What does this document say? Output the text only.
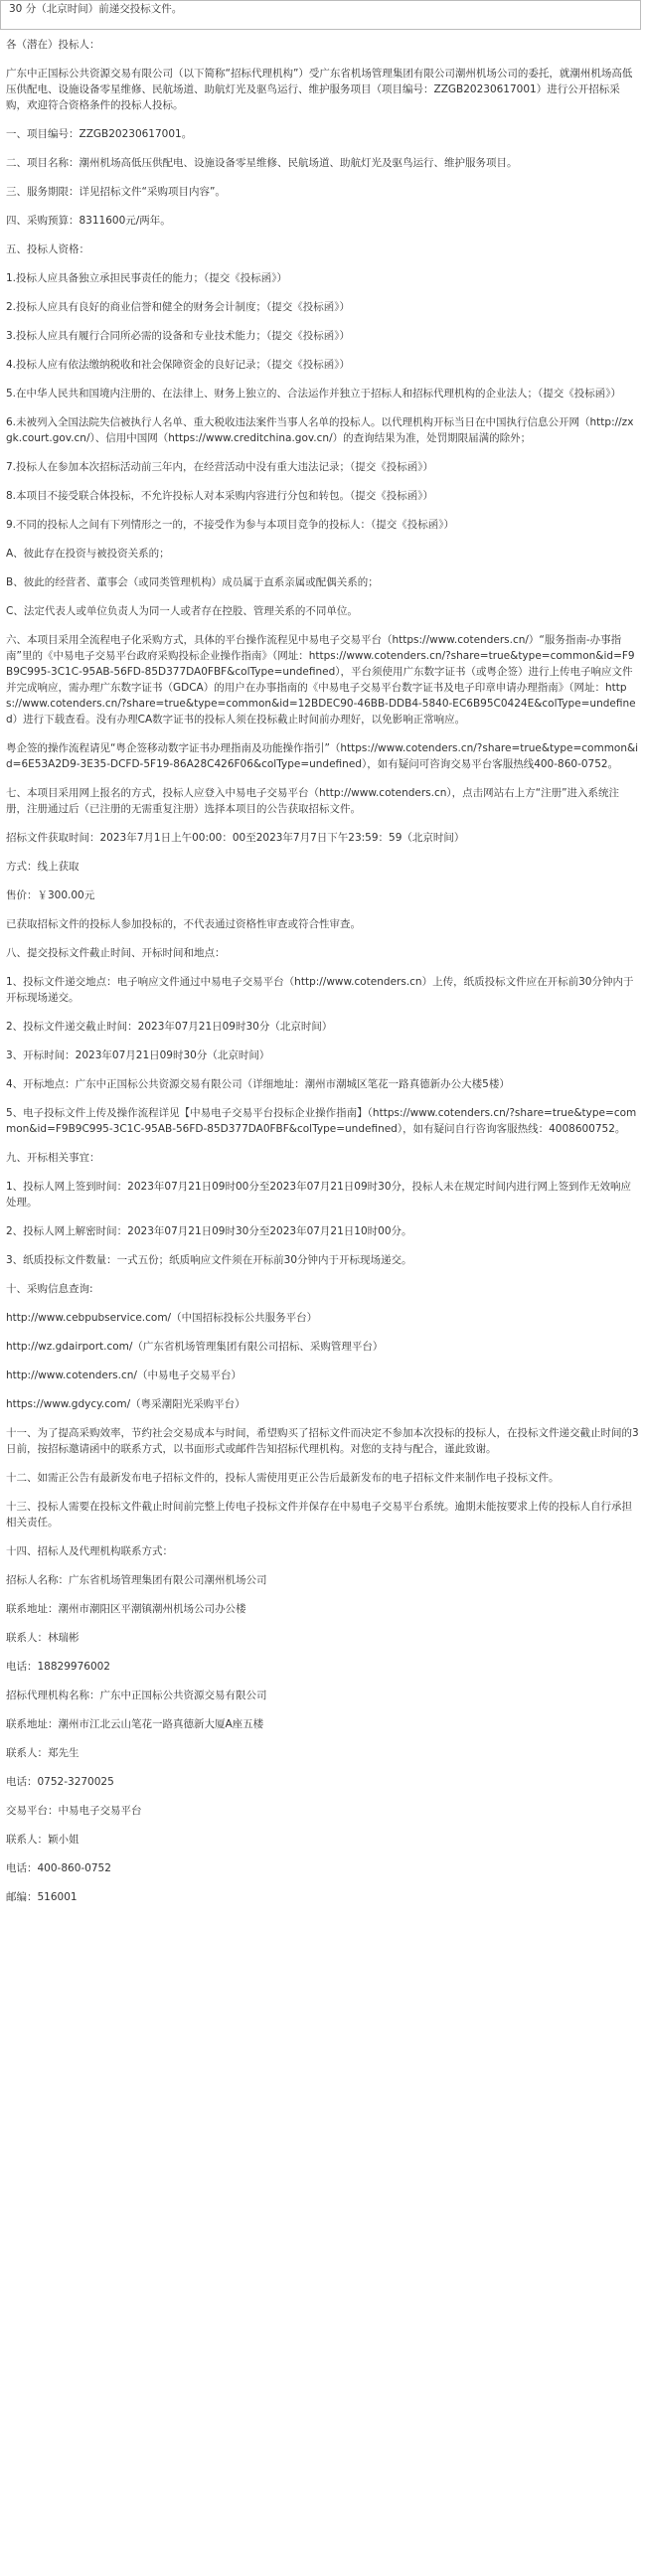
30 分（北京时间）前递交投标文件。

各（潜在）投标人：

广东中正国标公共资源交易有限公司（以下简称“招标代理机构”）受广东省机场管理集团有限公司潮州机场公司的委托，就潮州机场高低压供配电、设施设备零星维修、民航场道、助航灯光及驱鸟运行、维护服务项目（项目编号：ZZGB20230617001）进行公开招标采购，欢迎符合资格条件的投标人投标。

一、项目编号：ZZGB20230617001。

二、项目名称：潮州机场高低压供配电、设施设备零星维修、民航场道、助航灯光及驱鸟运行、维护服务项目。

三、服务期限：详见招标文件“采购项目内容”。

四、采购预算：8311600元/两年。

五、投标人资格：

1.投标人应具备独立承担民事责任的能力；（提交《投标函》）

2.投标人应具有良好的商业信誉和健全的财务会计制度；（提交《投标函》）

3.投标人应具有履行合同所必需的设备和专业技术能力；（提交《投标函》）

4.投标人应有依法缴纳税收和社会保障资金的良好记录；（提交《投标函》）

5.在中华人民共和国境内注册的、在法律上、财务上独立的、合法运作并独立于招标人和招标代理机构的企业法人；（提交《投标函》）

6.未被列入全国法院失信被执行人名单、重大税收违法案件当事人名单的投标人。以代理机构开标当日在中国执行信息公开网（http://zxgk.court.gov.cn/）、信用中国网（https://www.creditchina.gov.cn/）的查询结果为准，处罚期限届满的除外；

7.投标人在参加本次招标活动前三年内，在经营活动中没有重大违法记录；（提交《投标函》）

8.本项目不接受联合体投标，不允许投标人对本采购内容进行分包和转包。（提交《投标函》）

9.不同的投标人之间有下列情形之一的，不接受作为参与本项目竞争的投标人：（提交《投标函》）

A、彼此存在投资与被投资关系的；

B、彼此的经营者、董事会（或同类管理机构）成员属于直系亲属或配偶关系的；

C、法定代表人或单位负责人为同一人或者存在控股、管理关系的不同单位。

六、本项目采用全流程电子化采购方式，具体的平台操作流程见中易电子交易平台（https://www.cotenders.cn/）“服务指南-办事指南”里的《中易电子交易平台政府采购投标企业操作指南》（网址：https://www.cotenders.cn/?share=true&type=common&id=F9B9C995-3C1C-95AB-56FD-85D377DA0FBF&colType=undefined），平台须使用广东数字证书（或粤企签）进行上传电子响应文件并完成响应，需办理广东数字证书（GDCA）的用户在办事指南的《中易电子交易平台数字证书及电子印章申请办理指南》（网址：https://www.cotenders.cn/?share=true&type=common&id=12BDEC90-46BB-DDB4-5840-EC6B95C0424E&colType=undefined）进行下载查看。没有办理CA数字证书的投标人须在投标截止时间前办理好，以免影响正常响应。

粤企签的操作流程请见“粤企签移动数字证书办理指南及功能操作指引”（https://www.cotenders.cn/?share=true&type=common&id=6E53A2D9-3E35-DCFD-5F19-86A28C426F06&colType=undefined），如有疑问可咨询交易平台客服热线400-860-0752。

七、本项目采用网上报名的方式，投标人应登入中易电子交易平台（http://www.cotenders.cn），点击网站右上方“注册”进入系统注册，注册通过后（已注册的无需重复注册）选择本项目的公告获取招标文件。

招标文件获取时间：2023年7月1日上午00:00：00至2023年7月7日下午23:59：59（北京时间）

方式：线上获取

售价：￥300.00元

已获取招标文件的投标人参加投标的，不代表通过资格性审查或符合性审查。

八、提交投标文件截止时间、开标时间和地点：

1、投标文件递交地点：电子响应文件通过中易电子交易平台（http://www.cotenders.cn）上传，纸质投标文件应在开标前30分钟内于开标现场递交。

2、投标文件递交截止时间：2023年07月21日09时30分（北京时间）

3、开标时间：2023年07月21日09时30分（北京时间）

4、开标地点：广东中正国标公共资源交易有限公司（详细地址：潮州市潮城区笔花一路真德新办公大楼5楼）

5、电子投标文件上传及操作流程详见【中易电子交易平台投标企业操作指南】（https://www.cotenders.cn/?share=true&type=common&id=F9B9C995-3C1C-95AB-56FD-85D377DA0FBF&colType=undefined），如有疑问自行咨询客服热线：4008600752。

九、开标相关事宜：

1、投标人网上签到时间：2023年07月21日09时00分至2023年07月21日09时30分，投标人未在规定时间内进行网上签到作无效响应处理。

2、投标人网上解密时间：2023年07月21日09时30分至2023年07月21日10时00分。

3、纸质投标文件数量：一式五份；纸质响应文件须在开标前30分钟内于开标现场递交。

十、采购信息查询:

http://www.cebpubservice.com/（中国招标投标公共服务平台）

http://wz.gdairport.com/（广东省机场管理集团有限公司招标、采购管理平台）

http://www.cotenders.cn/（中易电子交易平台）

https://www.gdycy.com/（粤采潮阳光采购平台）

十一、为了提高采购效率，节约社会交易成本与时间，希望购买了招标文件而决定不参加本次投标的投标人，在投标文件递交截止时间的3日前，按招标邀请函中的联系方式，以书面形式或邮件告知招标代理机构。对您的支持与配合，谨此致谢。

十二、如需正公告有最新发布电子招标文件的，投标人需使用更正公告后最新发布的电子招标文件来制作电子投标文件。

十三、投标人需要在投标文件截止时间前完整上传电子投标文件并保存在中易电子交易平台系统。逾期未能按要求上传的投标人自行承担相关责任。

十四、招标人及代理机构联系方式：

招标人名称：广东省机场管理集团有限公司潮州机场公司

联系地址：潮州市潮阳区平潮镇潮州机场公司办公楼

联系人：林瑞彬

电话：18829976002

招标代理机构名称：广东中正国标公共资源交易有限公司

联系地址：潮州市江北云山笔花一路真德新大厦A座五楼

联系人：郑先生

电话：0752-3270025

交易平台：中易电子交易平台

联系人：颖小姐

电话：400-860-0752

邮编：516001
